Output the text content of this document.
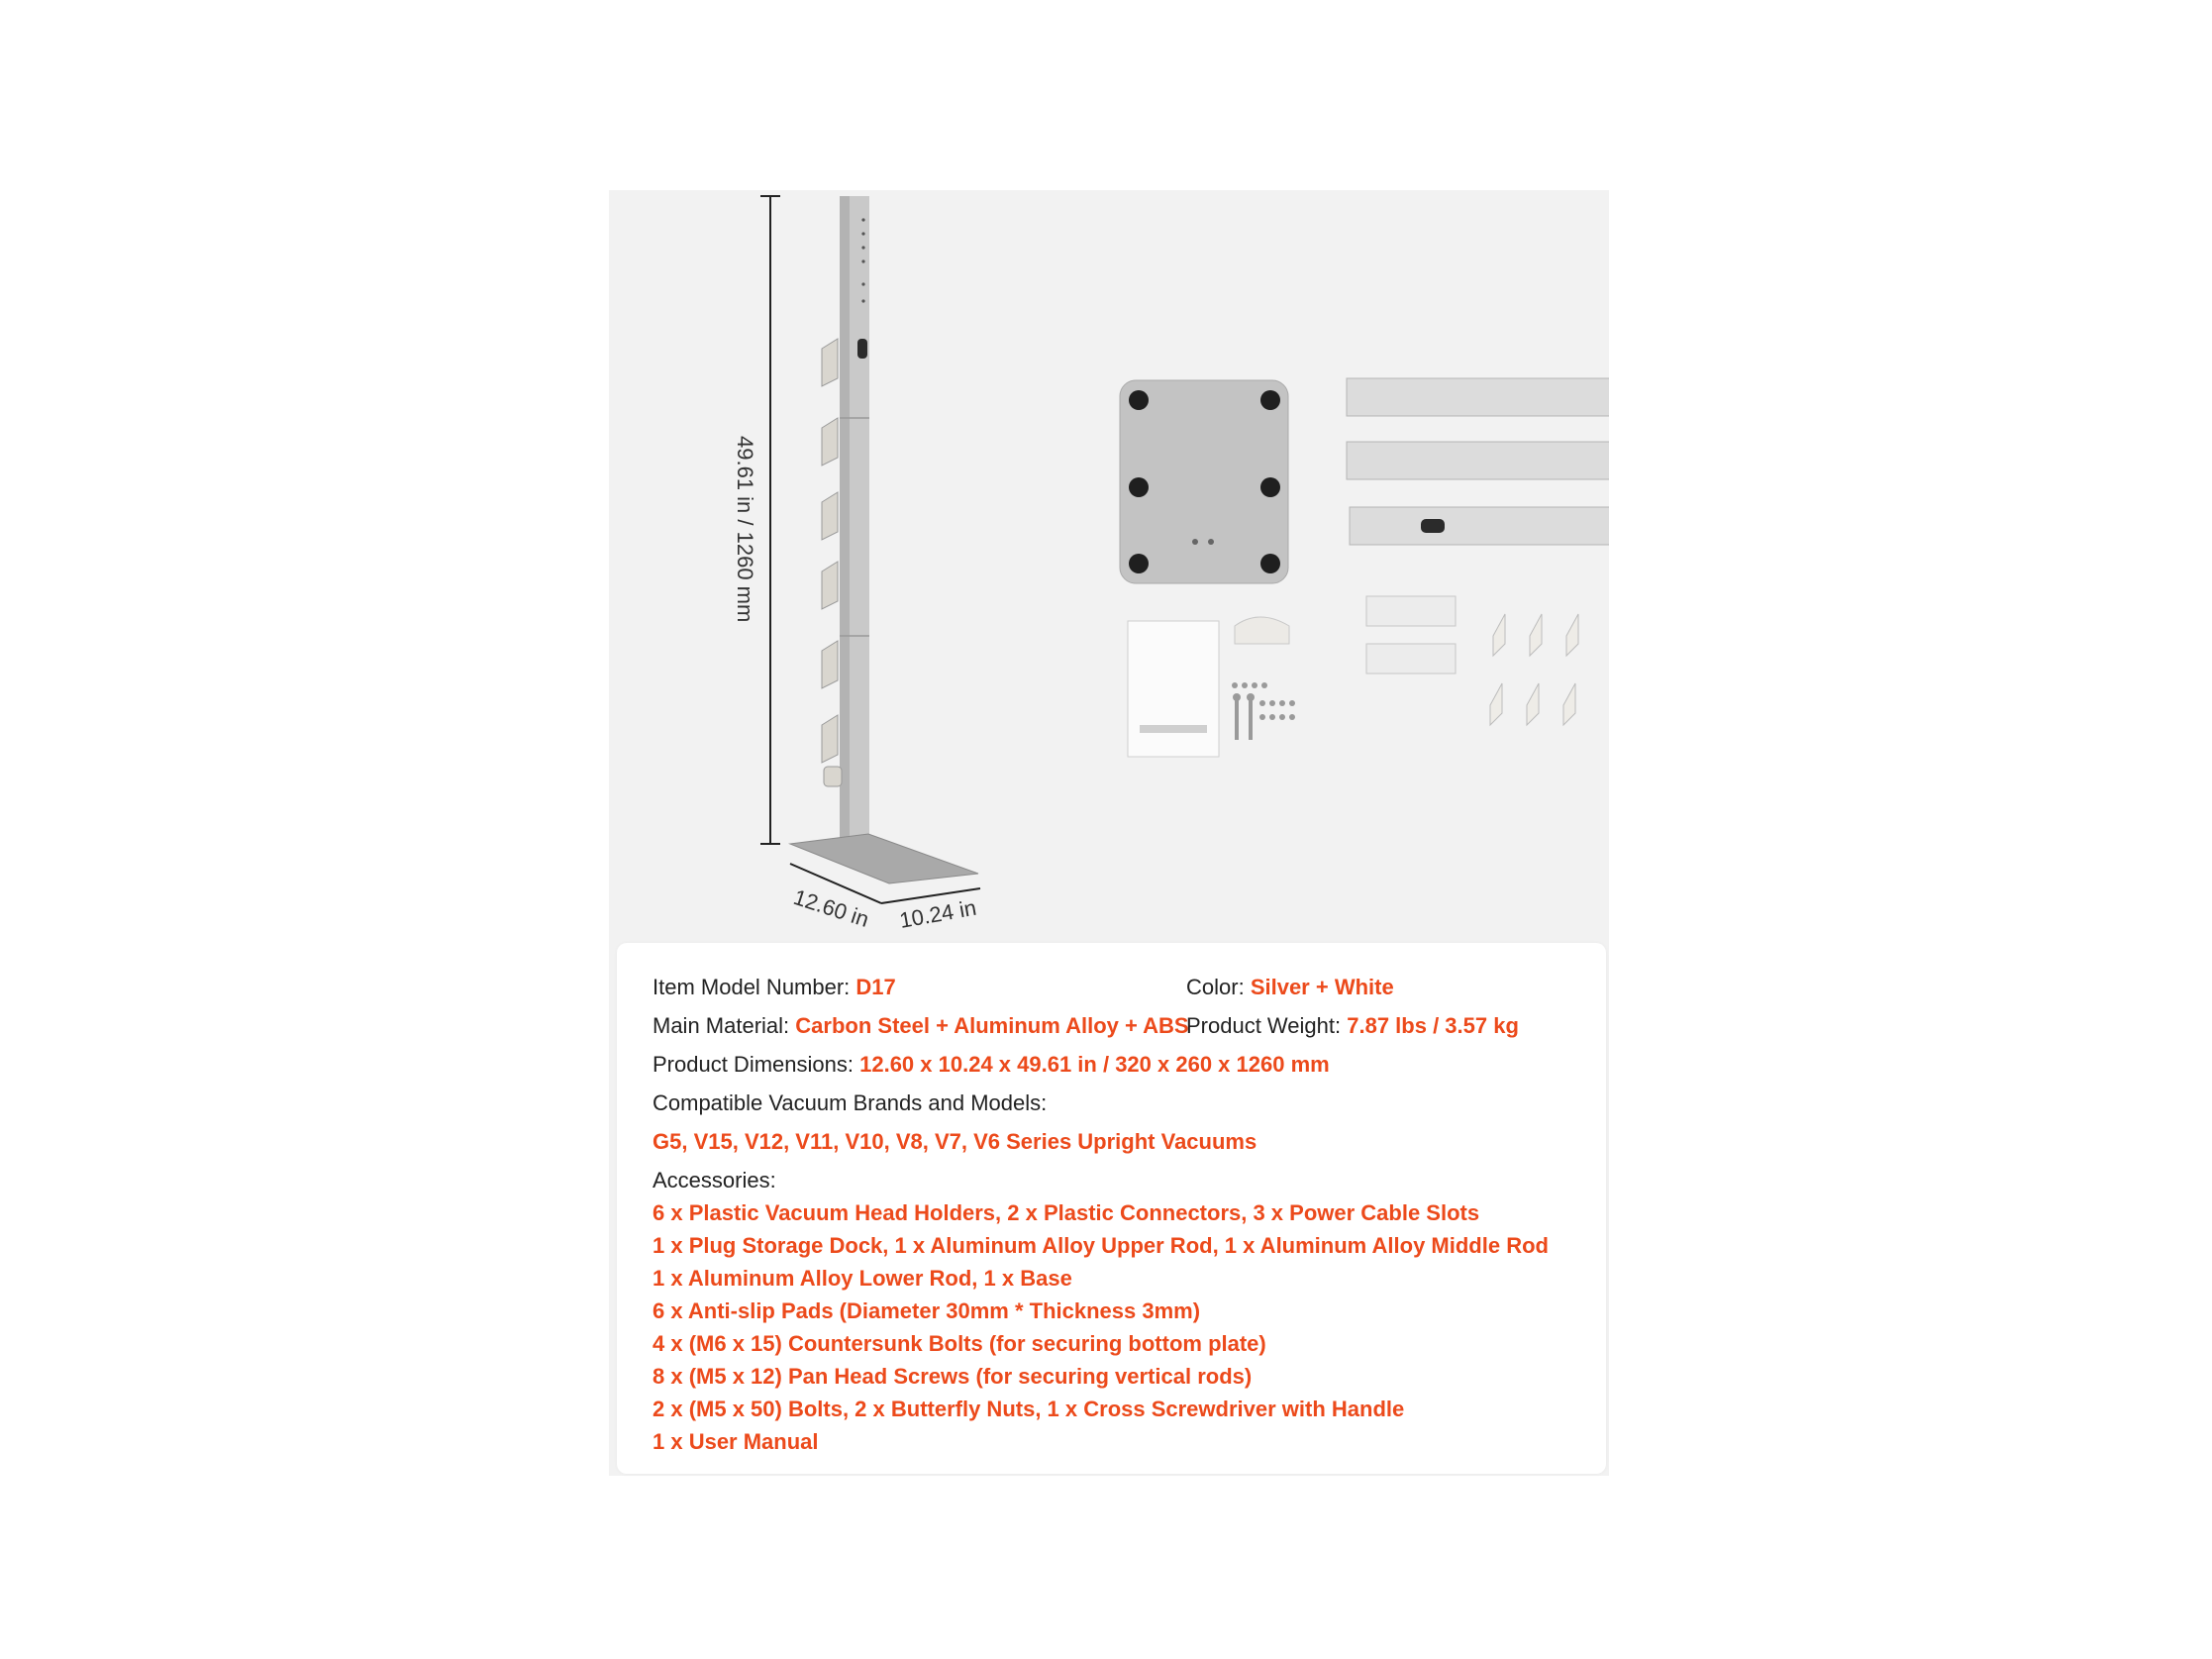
49.61 in / 1260 mm
12.60 in 10.24 in
Item Model Number: D17	Color: Silver + White
Main Material: Carbon Steel + Aluminum Alloy + ABS
Product Weight: 7.87 lbs / 3.57 kg
Product Dimensions: 12.60 x 10.24 x 49.61 in / 320 x 260 x 1260 mm
Compatible Vacuum Brands and Models:
G5, V15, V12, V11, V10, V8, V7, V6 Series Upright Vacuums
Accessories:
6 x Plastic Vacuum Head Holders, 2 x Plastic Connectors, 3 x Power Cable Slots
1 x Plug Storage Dock, 1 x Aluminum Alloy Upper Rod, 1 x Aluminum Alloy Middle Rod
1 x Aluminum Alloy Lower Rod, 1 x Base
6 x Anti-slip Pads (Diameter 30mm * Thickness 3mm)
4 x (M6 x 15) Countersunk Bolts (for securing bottom plate)
8 x (M5 x 12) Pan Head Screws (for securing vertical rods)
2 x (M5 x 50) Bolts, 2 x Butterfly Nuts, 1 x Cross Screwdriver with Handle
1 x User Manual
